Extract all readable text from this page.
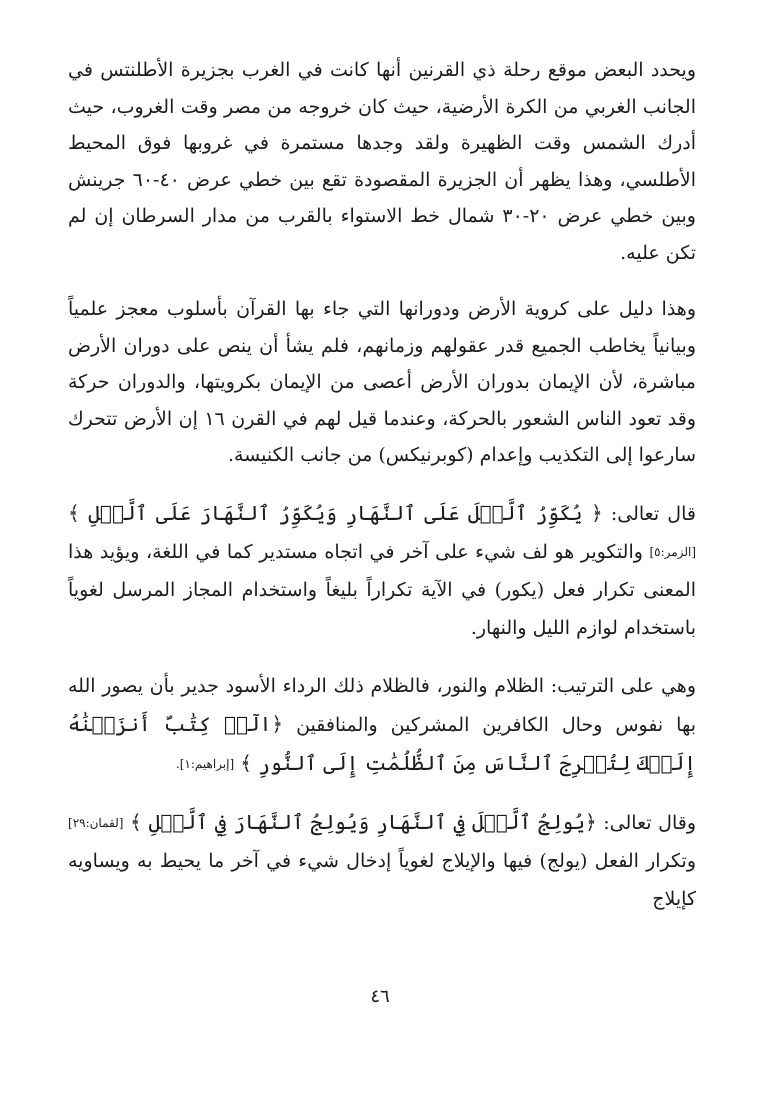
ويحدد البعض موقع رحلة ذي القرنين أنها كانت في الغرب بجزيرة الأطلنتس في الجانب الغربي من الكرة الأرضية، حيث كان خروجه من مصر وقت الغروب، حيث أدرك الشمس وقت الظهيرة ولقد وجدها مستمرة في غروبها فوق المحيط الأطلسي، وهذا يظهر أن الجزيرة المقصودة تقع بين خطي عرض ٤٠-٦٠ جرينش وبين خطي عرض ٢٠-٣٠ شمال خط الاستواء بالقرب من مدار السرطان إن لم تكن عليه.

وهذا دليل على كروية الأرض ودورانها التي جاء بها القرآن بأسلوب معجز علمياً وبيانياً يخاطب الجميع قدر عقولهم وزمانهم، فلم يشأ أن ينص على دوران الأرض مباشرة، لأن الإيمان بدوران الأرض أعصى من الإيمان بكرويتها، والدوران حركة وقد تعود الناس الشعور بالحركة، وعندما قيل لهم في القرن ١٦ إن الأرض تتحرك سارعوا إلى التكذيب وإعدام (كوبرنيكس) من جانب الكنيسة.

قال تعالى: ﴿ يُكَوِّرُ ٱلَّيۡلَ عَلَى ٱلنَّهَارِ وَيُكَوِّرُ ٱلنَّهَارَ عَلَى ٱلَّيۡلِ ﴾ [الزمر:٥] والتكوير هو لف شيء على آخر في اتجاه مستدير كما في اللغة، ويؤيد هذا المعنى تكرار فعل (يكور) في الآية تكراراً بليغاً واستخدام المجاز المرسل لغوياً باستخدام لوازم الليل والنهار.

وهي على الترتيب: الظلام والنور، فالظلام ذلك الرداء الأسود جدير بأن يصور الله بها نفوس وحال الكافرين المشركين والمنافقين ﴿الٓرۚ كِتَٰبٌ أَنزَلۡنَٰهُ إِلَيۡكَ لِتُخۡرِجَ ٱلنَّاسَ مِنَ ٱلظُّلُمَٰتِ إِلَى ٱلنُّورِ ﴾ [إبراهيم:١].

وقال تعالى: ﴿يُولِجُ ٱلَّيۡلَ فِي ٱلنَّهَارِ وَيُولِجُ ٱلنَّهَارَ فِي ٱلَّيۡلِ ﴾ [لقمان:٢٩] وتكرار الفعل (يولج) فيها والإيلاج لغوياً إدخال شيء في آخر ما يحيط به ويساويه كإيلاج

٤٦
